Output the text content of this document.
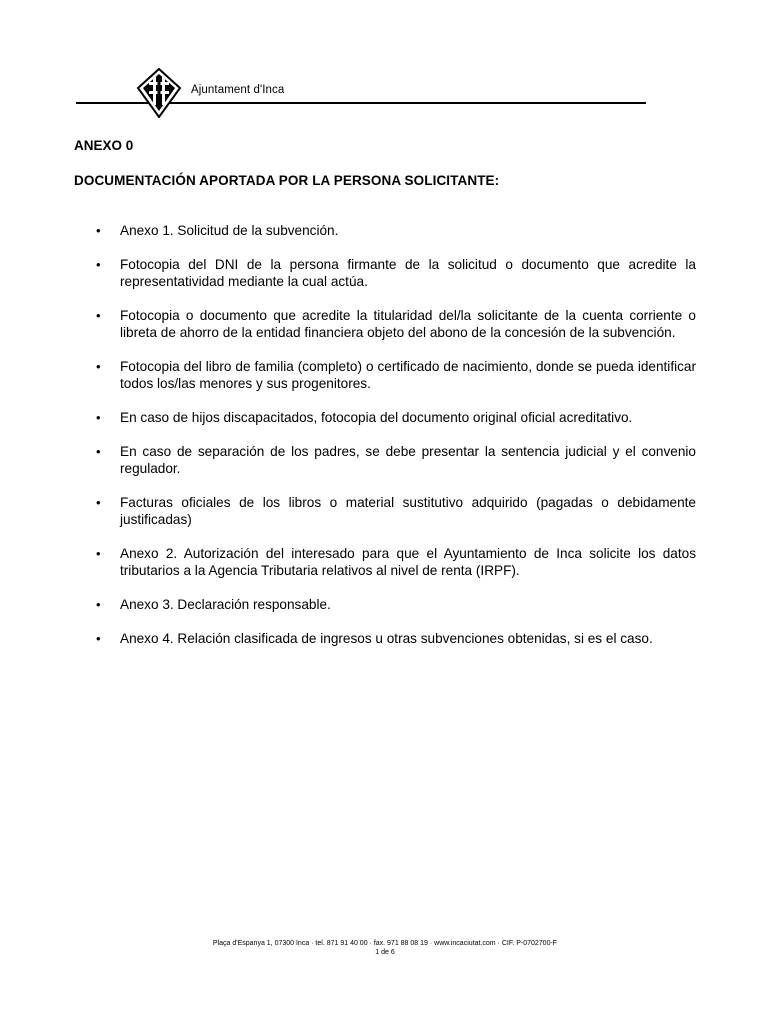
Ajuntament d'Inca
ANEXO 0
DOCUMENTACIÓN APORTADA POR LA PERSONA SOLICITANTE:
• Anexo 1. Solicitud de la subvención.
• Fotocopia del DNI de la persona firmante de la solicitud o documento que acredite la representatividad mediante la cual actúa.
• Fotocopia o documento que acredite la titularidad del/la solicitante de la cuenta corriente o libreta de ahorro de la entidad financiera objeto del abono de la concesión de la subvención.
• Fotocopia del libro de familia (completo) o certificado de nacimiento, donde se pueda identificar todos los/las menores y sus progenitores.
• En caso de hijos discapacitados, fotocopia del documento original oficial acreditativo.
• En caso de separación de los padres, se debe presentar la sentencia judicial y el convenio regulador.
• Facturas oficiales de los libros o material sustitutivo adquirido (pagadas o debidamente justificadas)
• Anexo 2. Autorización del interesado para que el Ayuntamiento de Inca solicite los datos tributarios a la Agencia Tributaria relativos al nivel de renta (IRPF).
• Anexo 3. Declaración responsable.
• Anexo 4. Relación clasificada de ingresos u otras subvenciones obtenidas, si es el caso.
Plaça d'Espanya 1, 07300 Inca · tel. 871 91 40 00 · fax. 971 88 08 19 · www.incaciutat.com · CIF. P-0702700-F
1 de 6
